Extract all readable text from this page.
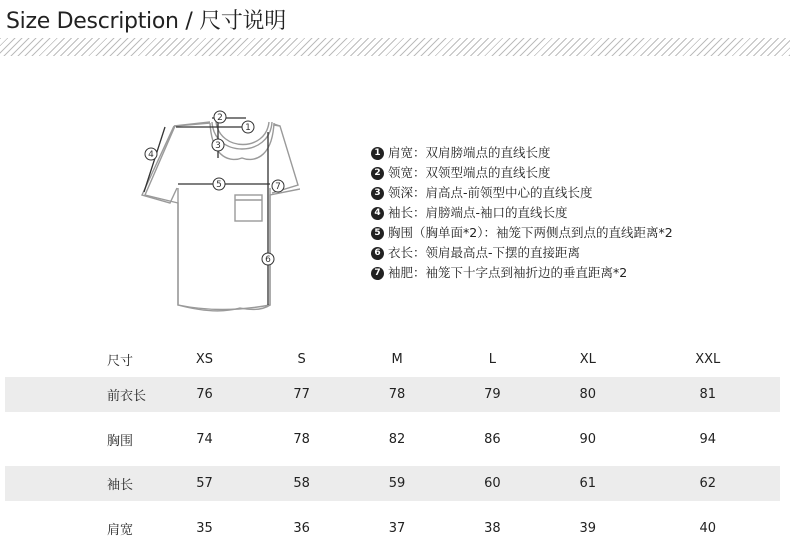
Size Description / 尺寸说明
1
2
3
4
5
6
7
1 肩宽：双肩膀端点的直线长度
2 领宽：双领型端点的直线长度
3 领深：肩高点-前领型中心的直线长度
4 袖长：肩膀端点-袖口的直线长度
5 胸围（胸单面*2）：袖笼下两侧点到点的直线距离*2
6 衣长：领肩最高点-下摆的直接距离
7 袖肥：袖笼下十字点到袖折边的垂直距离*2
尺寸	XS	S	M	L	XL	XXL
前衣长	76	77	78	79	80	81
胸围	74	78	82	86	90	94
袖长	57	58	59	60	61	62
肩宽	35	36	37	38	39	40
